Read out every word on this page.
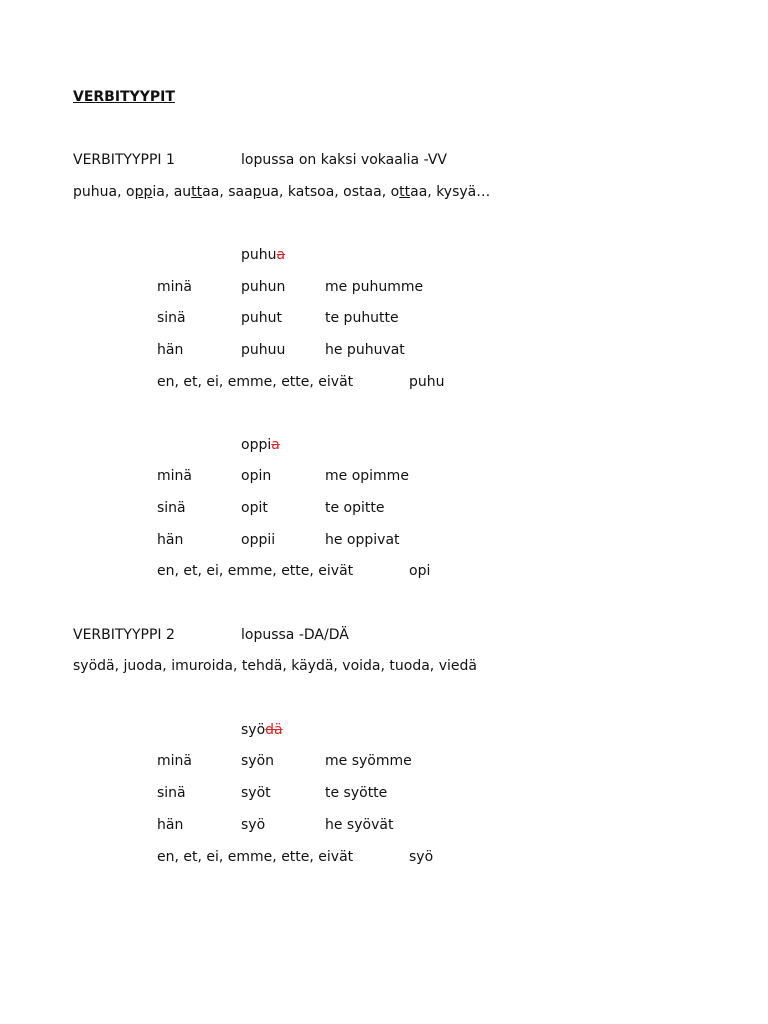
VERBITYYPIT
VERBITYYPPI 1	lopussa on kaksi vokaalia -VV
puhua, oppia, auttaa, saapua, katsoa, ostaa, ottaa, kysyä…
puhua
minä	puhun	me puhumme
sinä	puhut	te puhutte
hän	puhuu	he puhuvat
en, et, ei, emme, ette, eivät	puhu
oppia
minä	opin	me opimme
sinä	opit	te opitte
hän	oppii	he oppivat
en, et, ei, emme, ette, eivät	opi
VERBITYYPPI 2	lopussa -DA/DÄ
syödä, juoda, imuroida, tehdä, käydä, voida, tuoda, viedä
syödä
minä	syön	me syömme
sinä	syöt	te syötte
hän	syö	he syövät
en, et, ei, emme, ette, eivät	syö
